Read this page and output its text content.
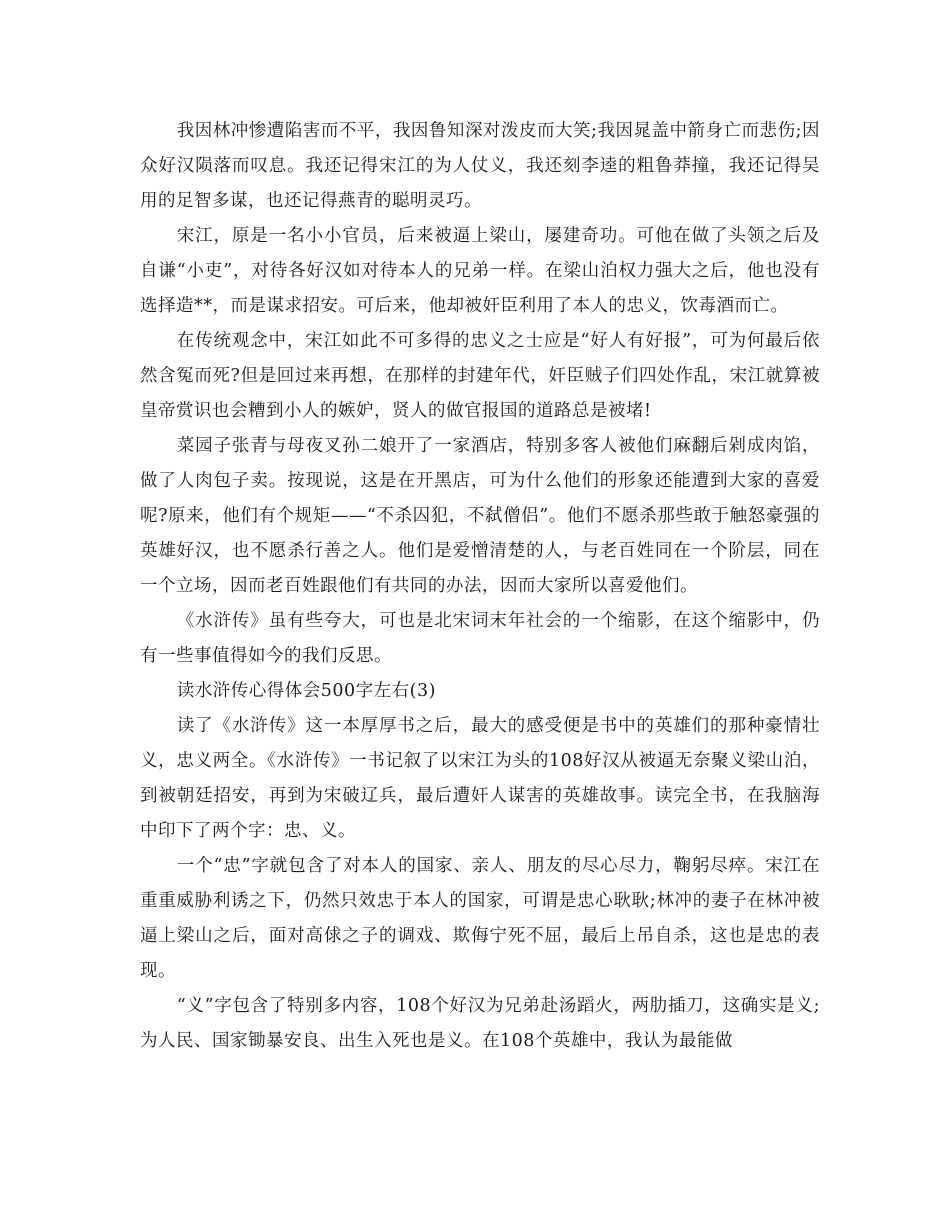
我因林冲惨遭陷害而不平，我因鲁知深对泼皮而大笑;我因晁盖中箭身亡而悲伤;因众好汉陨落而叹息。我还记得宋江的为人仗义，我还刻李逵的粗鲁莽撞，我还记得吴用的足智多谋，也还记得燕青的聪明灵巧。

宋江，原是一名小小官员，后来被逼上梁山，屡建奇功。可他在做了头领之后及自谦“小吏”，对待各好汉如对待本人的兄弟一样。在梁山泊权力强大之后，他也没有选择造**，而是谋求招安。可后来，他却被奸臣利用了本人的忠义，饮毒酒而亡。

在传统观念中，宋江如此不可多得的忠义之士应是“好人有好报”，可为何最后依然含冤而死?但是回过来再想，在那样的封建年代，奸臣贼子们四处作乱，宋江就算被皇帝赏识也会糟到小人的嫉妒，贤人的做官报国的道路总是被堵!

菜园子张青与母夜叉孙二娘开了一家酒店，特别多客人被他们麻翻后剁成肉馅，做了人肉包子卖。按现说，这是在开黑店，可为什么他们的形象还能遭到大家的喜爱呢?原来，他们有个规矩——“不杀囚犯，不弑僧侣”。他们不愿杀那些敢于触怒豪强的英雄好汉，也不愿杀行善之人。他们是爱憎清楚的人，与老百姓同在一个阶层，同在一个立场，因而老百姓跟他们有共同的办法，因而大家所以喜爱他们。

《水浒传》虽有些夸大，可也是北宋词末年社会的一个缩影，在这个缩影中，仍有一些事值得如今的我们反思。

读水浒传心得体会500字左右(3)

读了《水浒传》这一本厚厚书之后，最大的感受便是书中的英雄们的那种豪情壮义，忠义两全。《水浒传》一书记叙了以宋江为头的108好汉从被逼无奈聚义梁山泊，到被朝廷招安，再到为宋破辽兵，最后遭奸人谋害的英雄故事。读完全书，在我脑海中印下了两个字：忠、义。

一个“忠”字就包含了对本人的国家、亲人、朋友的尽心尽力，鞠躬尽瘁。宋江在重重威胁利诱之下，仍然只效忠于本人的国家，可谓是忠心耿耿;林冲的妻子在林冲被逼上梁山之后，面对高俅之子的调戏、欺侮宁死不屈，最后上吊自杀，这也是忠的表现。

“义”字包含了特别多内容，108个好汉为兄弟赴汤蹈火，两肋插刀，这确实是义;为人民、国家锄暴安良、出生入死也是义。在108个英雄中，我认为最能做
